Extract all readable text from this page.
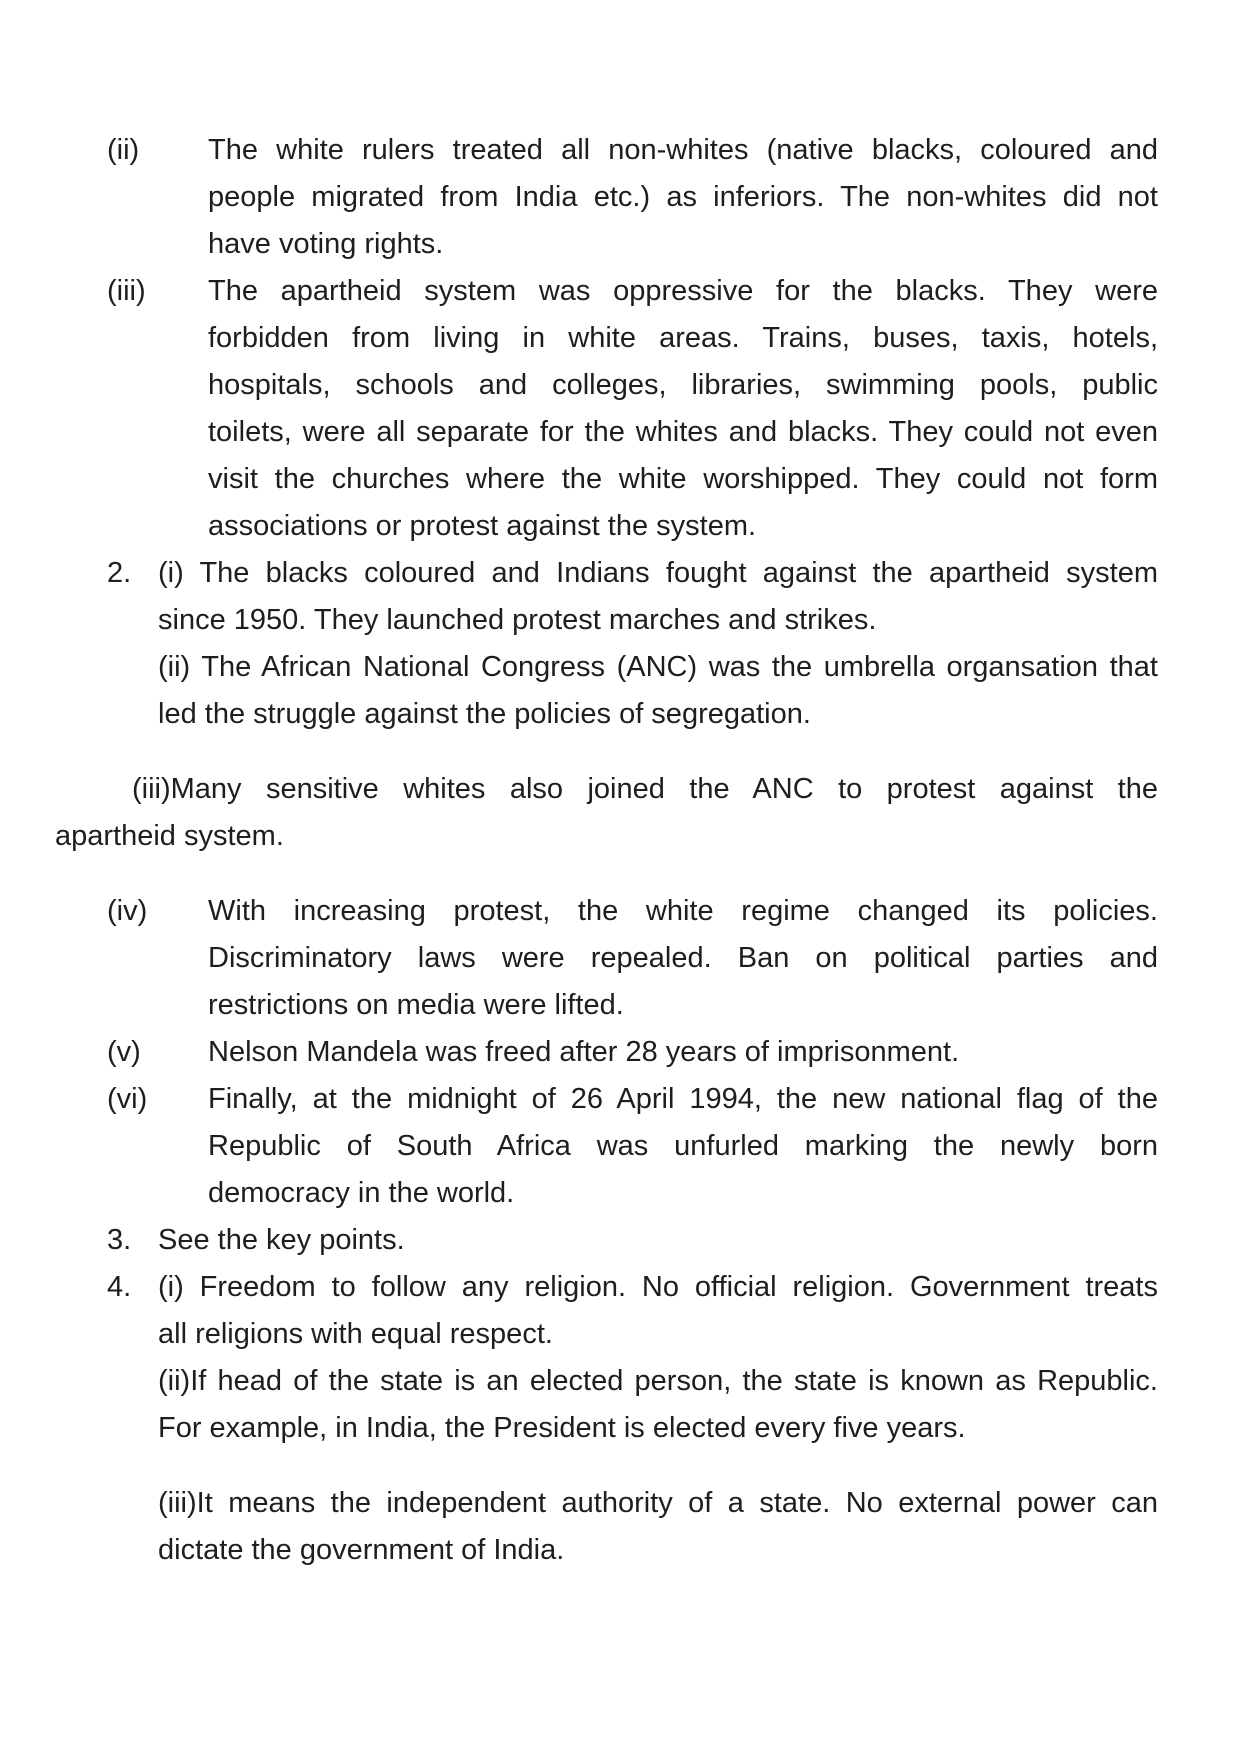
(ii) The white rulers treated all non-whites (native blacks, coloured and
people migrated from India etc.) as inferiors. The non-whites did not
have voting rights.
(iii) The apartheid system was oppressive for the blacks. They were
forbidden from living in white areas. Trains, buses, taxis, hotels,
hospitals, schools and colleges, libraries, swimming pools, public
toilets, were all separate for the whites and blacks. They could not even
visit the churches where the white worshipped. They could not form
associations or protest against the system.
2. (i) The blacks coloured and Indians fought against the apartheid system
since 1950. They launched protest marches and strikes.
(ii) The African National Congress (ANC) was the umbrella organsation that
led the struggle against the policies of segregation.
(iii)Many sensitive whites also joined the ANC to protest against the
apartheid system.
(iv) With increasing protest, the white regime changed its policies.
Discriminatory laws were repealed. Ban on political parties and
restrictions on media were lifted.
(v) Nelson Mandela was freed after 28 years of imprisonment.
(vi) Finally, at the midnight of 26 April 1994, the new national flag of the
Republic of South Africa was unfurled marking the newly born
democracy in the world.
3. See the key points.
4. (i) Freedom to follow any religion. No official religion. Government treats
all religions with equal respect.
(ii)If head of the state is an elected person, the state is known as Republic.
For example, in India, the President is elected every five years.
(iii)It means the independent authority of a state. No external power can
dictate the government of India.
